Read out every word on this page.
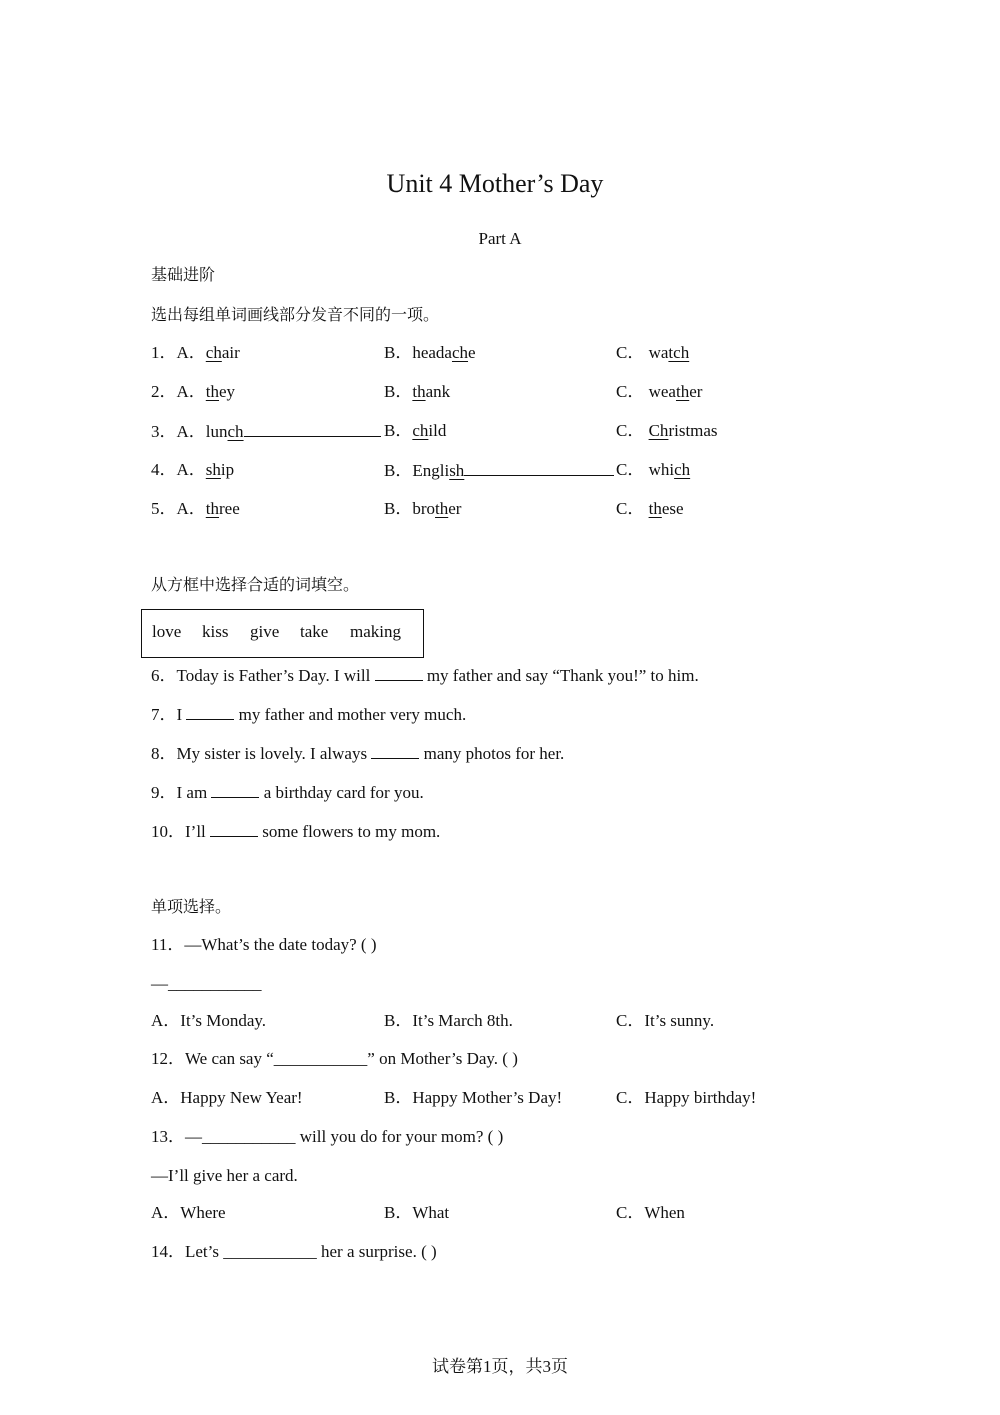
Unit 4 Mother’s Day
Part A
基础进阶
选出每组单词画线部分发音不同的一项。
1．A．chair	B．headache	C． watch
2．A．they	B．thank	C． weather
3．A．lunch	B．child	C． Christmas
4．A．ship	B．English	C． which
5．A．three	B．brother	C． these
从方框中选择合适的词填空。
love kiss give take making
6．Today is Father’s Day. I will	my father and say “Thank you!” to him.
7．I	my father and mother very much.
8．My sister is lovely. I always	many photos for her.
9．I am	a birthday card for you.
10．I’ll	some flowers to my mom.
单项选择。
11．—What’s the date today? ( )
—___________
A．It’s Monday.	B．It’s March 8th.	C．It’s sunny.
12．We can say “___________” on Mother’s Day. ( )
A．Happy New Year!	B．Happy Mother’s Day!	C．Happy birthday!
13．—___________ will you do for your mom? ( )
—I’ll give her a card.
A．Where	B．What	C．When
14．Let’s ___________ her a surprise. ( )
试卷第1页，共3页
